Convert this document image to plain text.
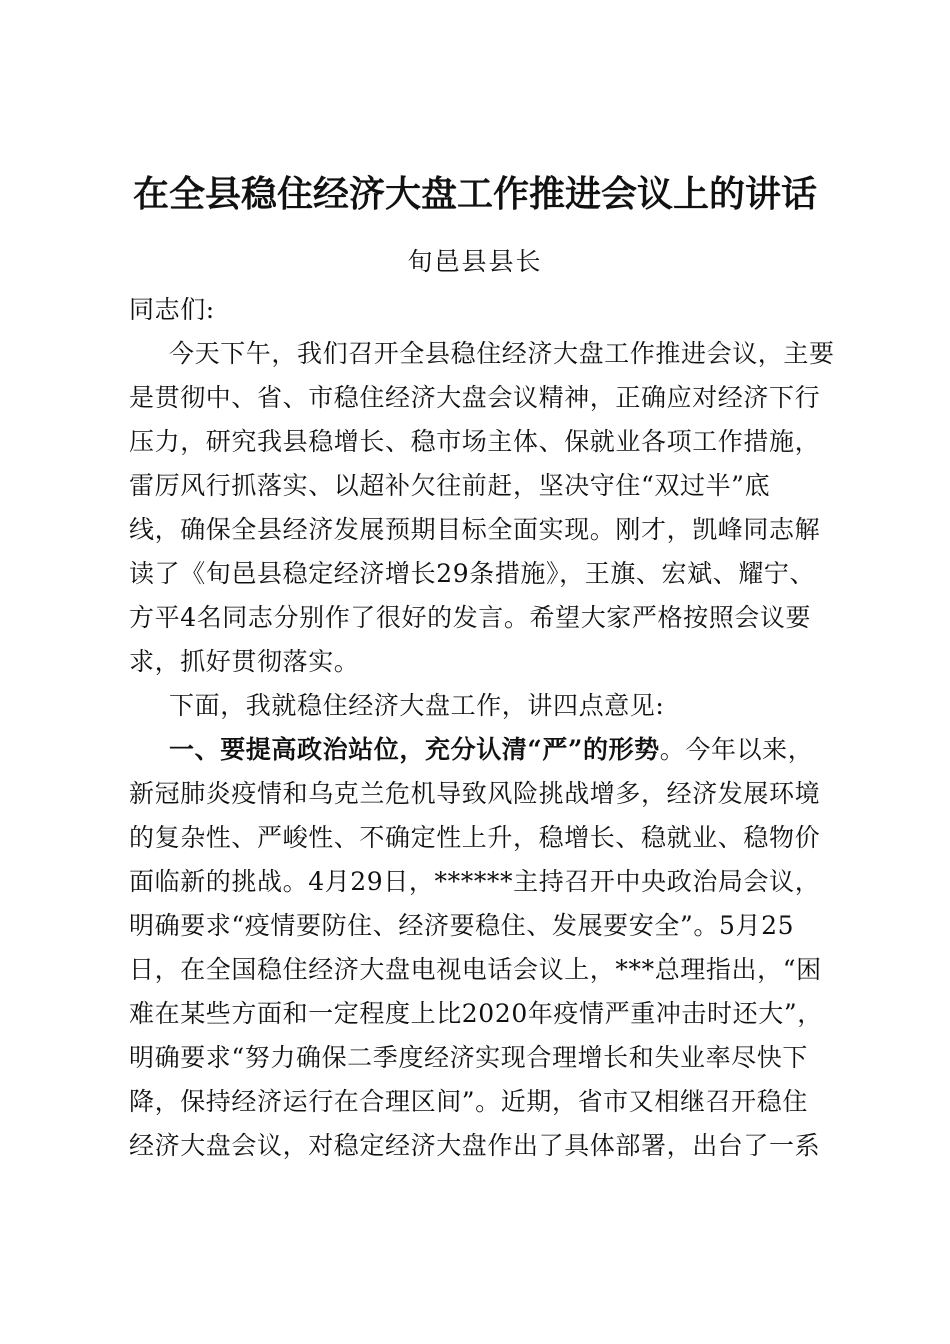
在全县稳住经济大盘工作推进会议上的讲话
旬邑县县长
同志们:
今天下午，我们召开全县稳住经济大盘工作推进会议，主要
是贯彻中、省、市稳住经济大盘会议精神，正确应对经济下行
压力，研究我县稳增长、稳市场主体、保就业各项工作措施，
雷厉风行抓落实、以超补欠往前赶，坚决守住“双过半”底
线，确保全县经济发展预期目标全面实现。刚才，凯峰同志解
读了《旬邑县稳定经济增长29条措施》，王旗、宏斌、耀宁、
方平4名同志分别作了很好的发言。希望大家严格按照会议要
求，抓好贯彻落实。
下面，我就稳住经济大盘工作，讲四点意见:
一、要提高政治站位，充分认清“严”的形势。今年以来，
新冠肺炎疫情和乌克兰危机导致风险挑战增多，经济发展环境
的复杂性、严峻性、不确定性上升，稳增长、稳就业、稳物价
面临新的挑战。4月29日，******主持召开中央政治局会议，
明确要求“疫情要防住、经济要稳住、发展要安全”。5月25
日，在全国稳住经济大盘电视电话会议上，***总理指出，“困
难在某些方面和一定程度上比2020年疫情严重冲击时还大”，
明确要求“努力确保二季度经济实现合理增长和失业率尽快下
降，保持经济运行在合理区间”。近期，省市又相继召开稳住
经济大盘会议，对稳定经济大盘作出了具体部署，出台了一系
